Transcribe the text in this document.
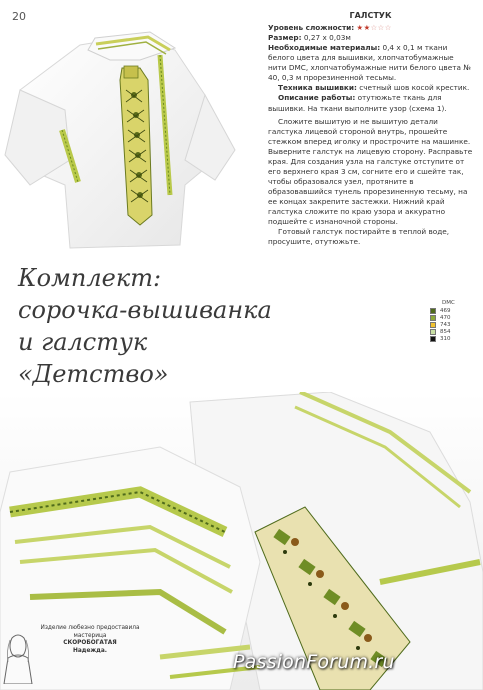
20	ГАЛСТУК

Уровень сложности: ★★☆☆☆

Размер: 0,27 x 0,03м

Необходимые материалы: 0,4 x 0,1 м ткани белого цвета для вышивки, хлопчатобумажные нити DMC, хлопчатобумажные нити белого цвета № 40, 0,3 м прорезиненной тесьмы.

Техника вышивки: счетный шов косой крестик.

Описание работы: отутюжьте ткань для вышивки. На ткани выполните узор (схема 1).

Сложите вышитую и не вышитую детали галстука лицевой стороной внутрь, прошейте стежком вперед иголку и прострочите на машинке. Выверните галстук на лицевую сторону. Расправьте края. Для создания узла на галстуке отступите от его верхнего края 3 см, согните его и сшейте так, чтобы образовался узел, протяните в образовавшийся тунель прорезиненную тесьму, на ее концах закрепите застежки. Нижний край галстука сложите по краю узора и аккуратно подшейте с изнаночной стороны.

Готовый галстук постирайте в теплой воде, просушите, отутюжьте.

Комплект:
сорочка-вышиванка
и галстук
«Детство»
DMC
469
470
743
854
310
Изделие любезно предоставила
мастерица
СКОРОБОГАТАЯ
Надежда.
PassionForum.ru
